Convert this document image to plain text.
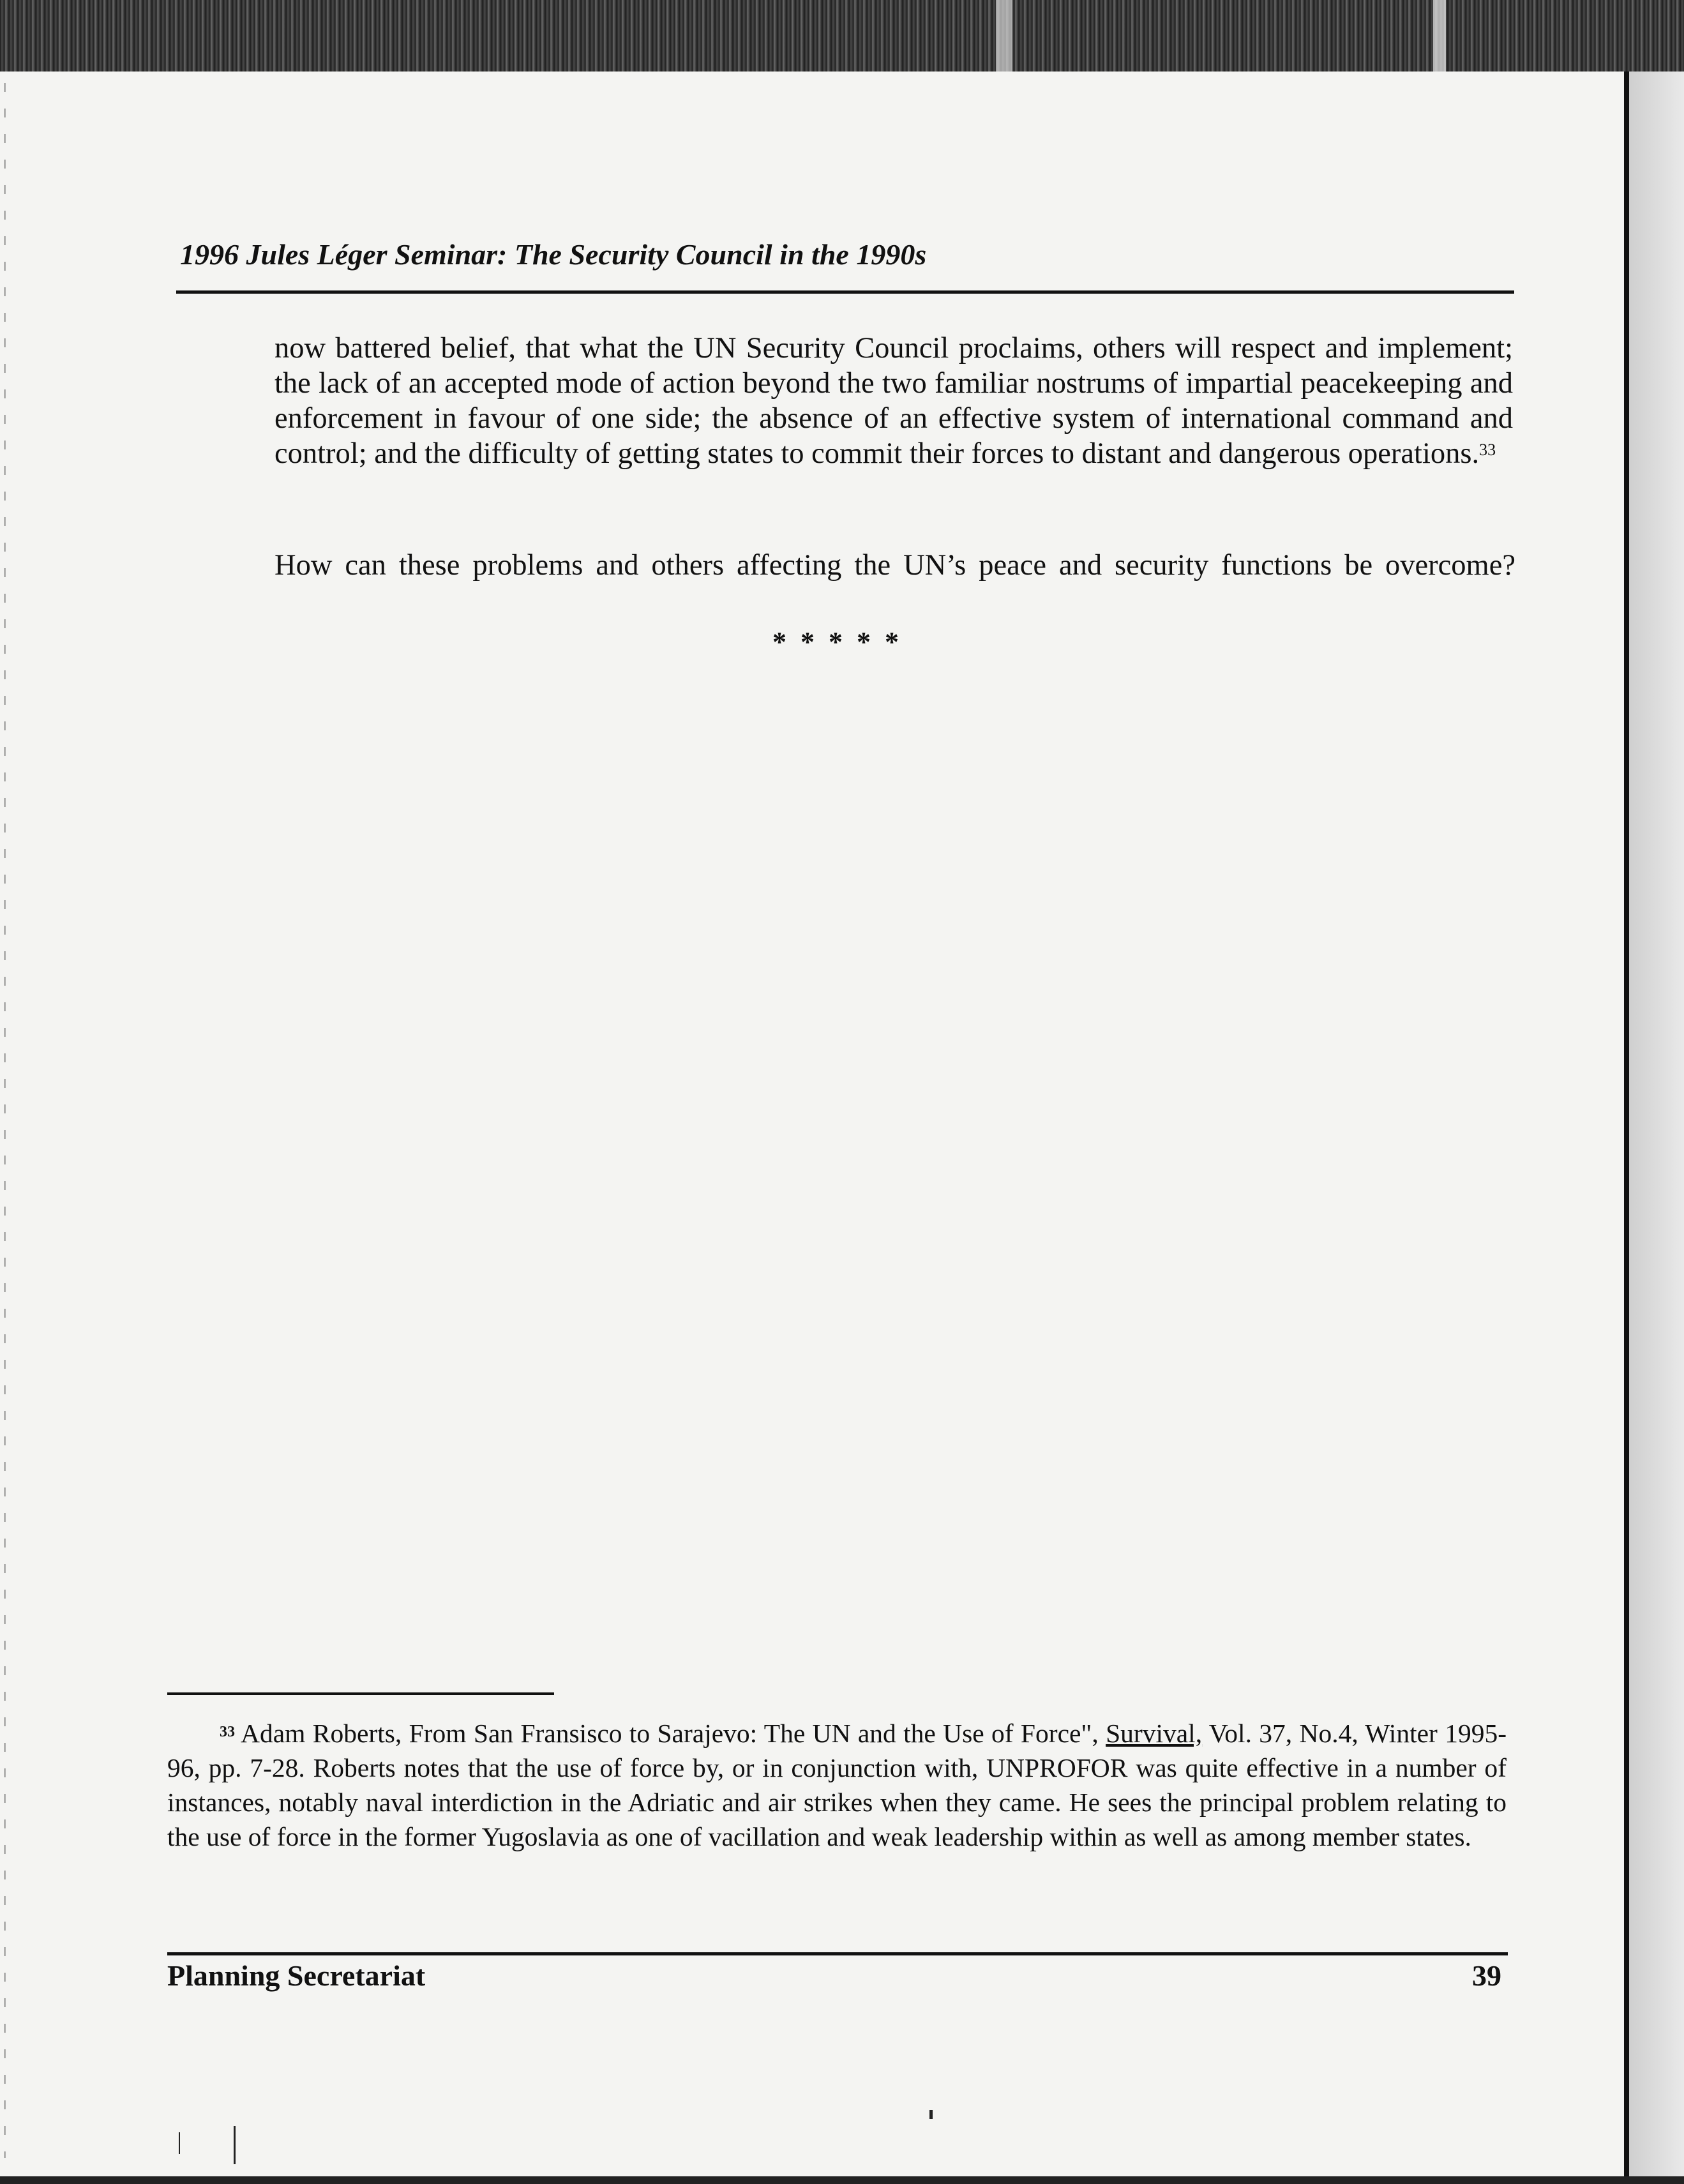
1996 Jules Léger Seminar: The Security Council in the 1990s
now battered belief, that what the UN Security Council proclaims, others will respect and implement; the lack of an accepted mode of action beyond the two familiar nostrums of impartial peacekeeping and enforcement in favour of one side; the absence of an effective system of international command and control; and the difficulty of getting states to commit their forces to distant and dangerous operations.$^{33}$
How can these problems and others affecting the UN’s peace and security functions be overcome?
*****
$^{33}$ Adam Roberts, From San Fransisco to Sarajevo: The UN and the Use of Force", Survival, Vol. 37, No.4, Winter 1995-96, pp. 7-28. Roberts notes that the use of force by, or in conjunction with, UNPROFOR was quite effective in a number of instances, notably naval interdiction in the Adriatic and air strikes when they came. He sees the principal problem relating to the use of force in the former Yugoslavia as one of vacillation and weak leadership within as well as among member states.
Planning Secretariat	39
